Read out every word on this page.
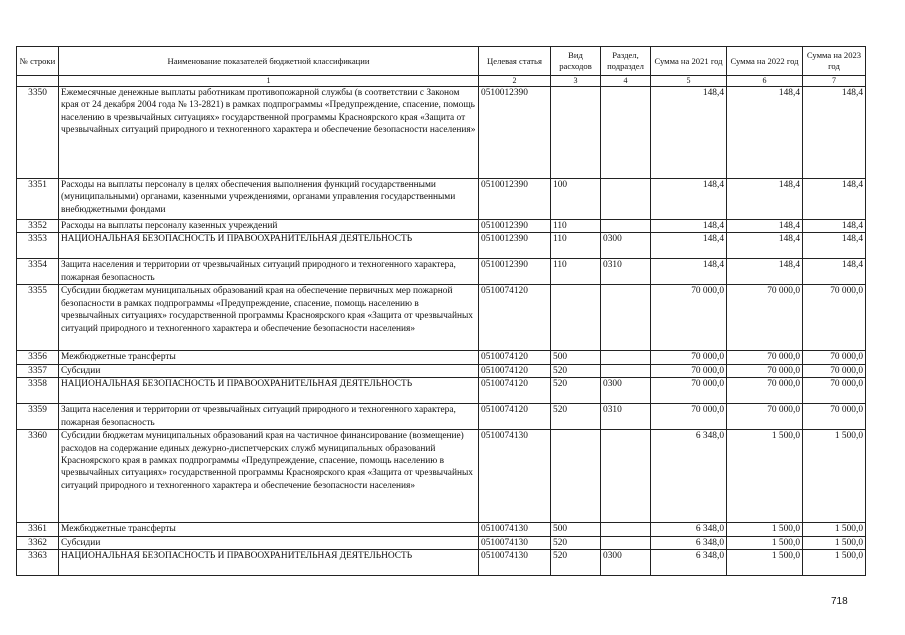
№ строки	Наименование показателей бюджетной классификации	Целевая статья	Вид расходов	Раздел, подраздел	Сумма на 2021 год	Сумма на 2022 год	Сумма на 2023 год
	1	2	3	4	5	6	7
3350	Ежемесячные денежные выплаты работникам противопожарной службы (в соответствии с Законом края от 24 декабря 2004 года № 13-2821) в рамках подпрограммы «Предупреждение, спасение, помощь населению в чрезвычайных ситуациях» государственной программы Красноярского края «Защита от чрезвычайных ситуаций природного и техногенного характера и обеспечение безопасности населения»	0510012390			148,4	148,4	148,4
3351	Расходы на выплаты персоналу в целях обеспечения выполнения функций государственными (муниципальными) органами, казенными учреждениями, органами управления государственными внебюджетными фондами	0510012390	100		148,4	148,4	148,4
3352	Расходы на выплаты персоналу казенных учреждений	0510012390	110		148,4	148,4	148,4
3353	НАЦИОНАЛЬНАЯ БЕЗОПАСНОСТЬ И ПРАВООХРАНИТЕЛЬНАЯ ДЕЯТЕЛЬНОСТЬ	0510012390	110	0300	148,4	148,4	148,4
3354	Защита населения и территории от чрезвычайных ситуаций природного и техногенного характера, пожарная безопасность	0510012390	110	0310	148,4	148,4	148,4
3355	Субсидии бюджетам муниципальных образований края на обеспечение первичных мер пожарной безопасности в рамках подпрограммы «Предупреждение, спасение, помощь населению в чрезвычайных ситуациях» государственной программы Красноярского края «Защита от чрезвычайных ситуаций природного и техногенного характера и обеспечение безопасности населения»	0510074120			70 000,0	70 000,0	70 000,0
3356	Межбюджетные трансферты	0510074120	500		70 000,0	70 000,0	70 000,0
3357	Субсидии	0510074120	520		70 000,0	70 000,0	70 000,0
3358	НАЦИОНАЛЬНАЯ БЕЗОПАСНОСТЬ И ПРАВООХРАНИТЕЛЬНАЯ ДЕЯТЕЛЬНОСТЬ	0510074120	520	0300	70 000,0	70 000,0	70 000,0
3359	Защита населения и территории от чрезвычайных ситуаций природного и техногенного характера, пожарная безопасность	0510074120	520	0310	70 000,0	70 000,0	70 000,0
3360	Субсидии бюджетам муниципальных образований края на частичное финансирование (возмещение) расходов на содержание единых дежурно-диспетчерских служб муниципальных образований Красноярского края в рамках подпрограммы «Предупреждение, спасение, помощь населению в чрезвычайных ситуациях» государственной программы Красноярского края «Защита от чрезвычайных ситуаций природного и техногенного характера и обеспечение безопасности населения»	0510074130			6 348,0	1 500,0	1 500,0
3361	Межбюджетные трансферты	0510074130	500		6 348,0	1 500,0	1 500,0
3362	Субсидии	0510074130	520		6 348,0	1 500,0	1 500,0
3363	НАЦИОНАЛЬНАЯ БЕЗОПАСНОСТЬ И ПРАВООХРАНИТЕЛЬНАЯ ДЕЯТЕЛЬНОСТЬ	0510074130	520	0300	6 348,0	1 500,0	1 500,0
718
